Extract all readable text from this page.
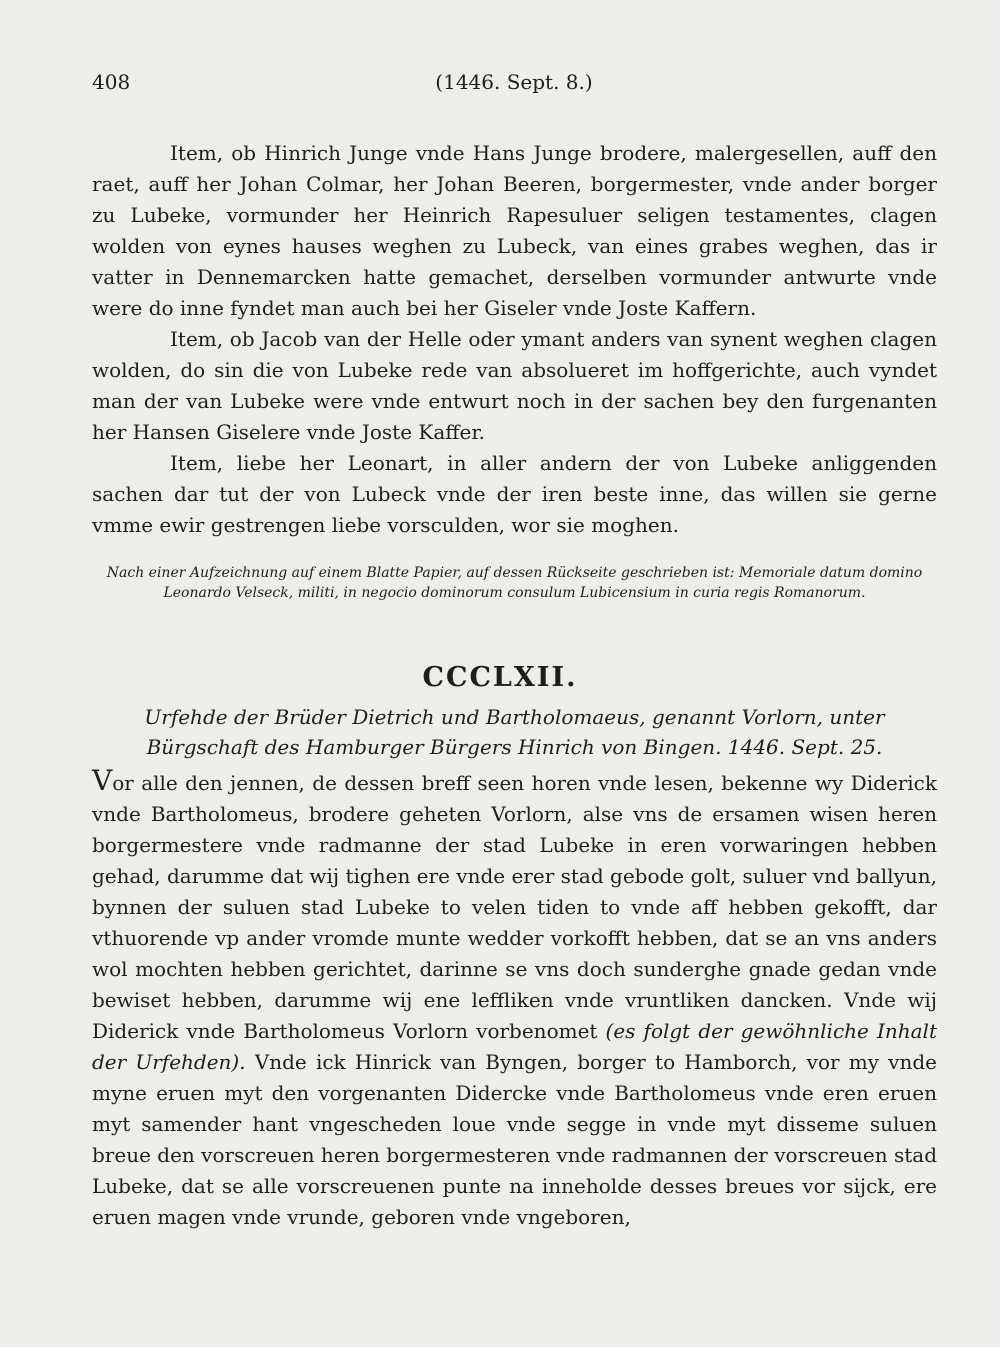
408	(1446. Sept. 8.)

Item, ob Hinrich Junge vnde Hans Junge brodere, malergesellen, auff den raet, auff her Johan Colmar, her Johan Beeren, borgermester, vnde ander borger zu Lubeke, vormunder her Heinrich Rapesuluer seligen testamentes, clagen wolden von eynes hauses weghen zu Lubeck, van eines grabes weghen, das ir vatter in Dennemarcken hatte gemachet, derselben vormunder antwurte vnde were do inne fyndet man auch bei her Giseler vnde Joste Kaffern.

Item, ob Jacob van der Helle oder ymant anders van synent weghen clagen wolden, do sin die von Lubeke rede van absolueret im hoffgerichte, auch vyndet man der van Lubeke were vnde entwurt noch in der sachen bey den furgenanten her Hansen Giselere vnde Joste Kaffer.

Item, liebe her Leonart, in aller andern der von Lubeke anliggenden sachen dar tut der von Lubeck vnde der iren beste inne, das willen sie gerne vmme ewir gestrengen liebe vorsculden, wor sie moghen.

Nach einer Aufzeichnung auf einem Blatte Papier, auf dessen Rückseite geschrieben ist: Memoriale datum domino Leonardo Velseck, militi, in negocio dominorum consulum Lubicensium in curia regis Romanorum.
CCCLXII.
Urfehde der Brüder Dietrich und Bartholomaeus, genannt Vorlorn, unter Bürgschaft des Hamburger Bürgers Hinrich von Bingen. 1446. Sept. 25.

Vor alle den jennen, de dessen breff seen horen vnde lesen, bekenne wy Diderick vnde Bartholomeus, brodere geheten Vorlorn, alse vns de ersamen wisen heren borgermestere vnde radmanne der stad Lubeke in eren vorwaringen hebben gehad, darumme dat wij tighen ere vnde erer stad gebode golt, suluer vnd ballyun, bynnen der suluen stad Lubeke to velen tiden to vnde aff hebben gekofft, dar vthuorende vp ander vromde munte wedder vorkofft hebben, dat se an vns anders wol mochten hebben gerichtet, darinne se vns doch sunderghe gnade gedan vnde bewiset hebben, darumme wij ene leffliken vnde vruntliken dancken. Vnde wij Diderick vnde Bartholomeus Vorlorn vorbenomet (es folgt der gewöhnliche Inhalt der Urfehden). Vnde ick Hinrick van Byngen, borger to Hamborch, vor my vnde myne eruen myt den vorgenanten Didercke vnde Bartholomeus vnde eren eruen myt samender hant vngescheden loue vnde segge in vnde myt disseme suluen breue den vorscreuen heren borgermesteren vnde radmannen der vorscreuen stad Lubeke, dat se alle vorscreuenen punte na inneholde desses breues vor sijck, ere eruen magen vnde vrunde, geboren vnde vngeboren,
